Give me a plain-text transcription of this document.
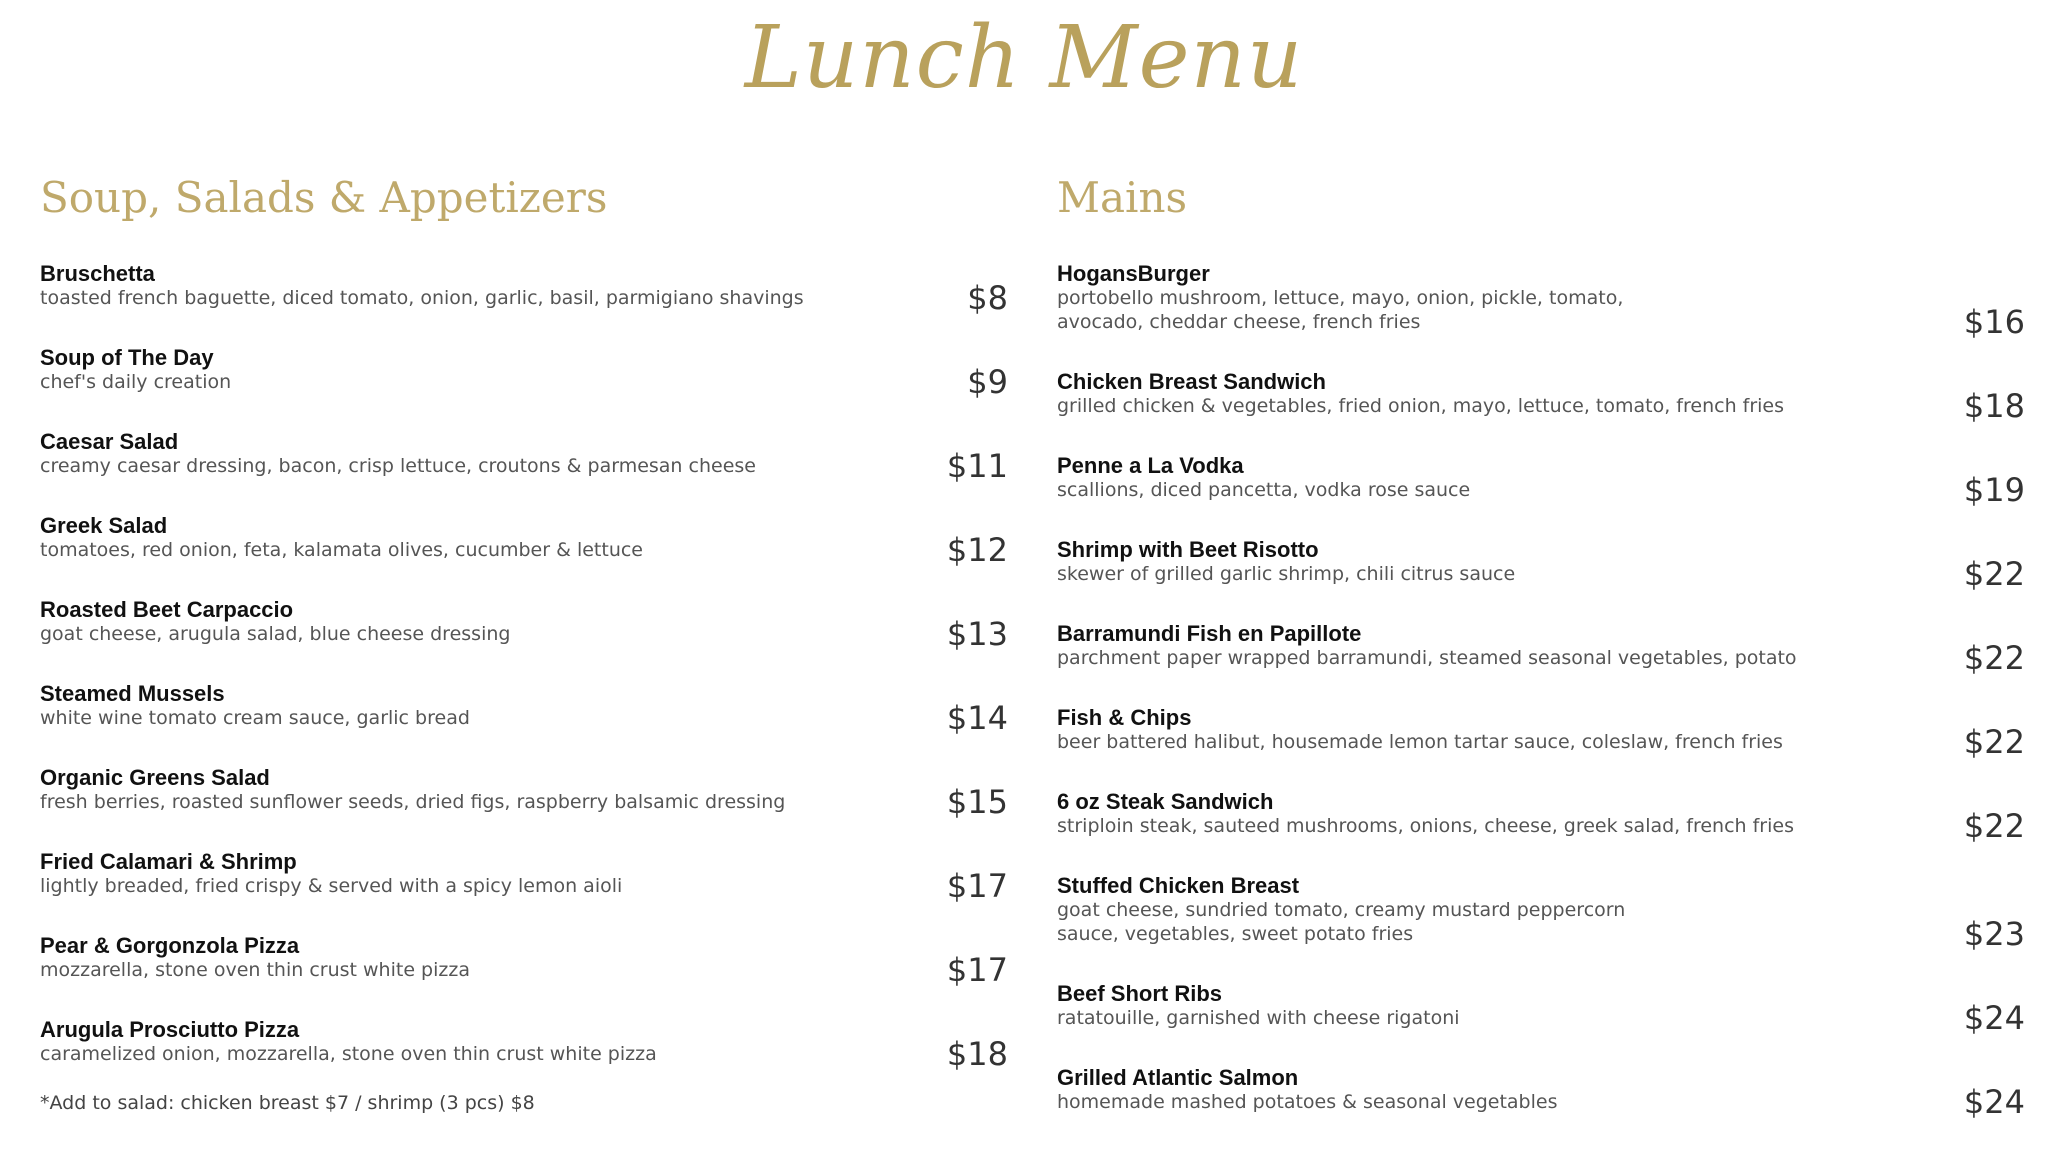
Lunch Menu
Soup, Salads & Appetizers
Bruschetta
toasted french baguette, diced tomato, onion, garlic, basil, parmigiano shavings	$8
Soup of The Day
chef's daily creation	$9
Caesar Salad
creamy caesar dressing, bacon, crisp lettuce, croutons & parmesan cheese	$11
Greek Salad
tomatoes, red onion, feta, kalamata olives, cucumber & lettuce	$12
Roasted Beet Carpaccio
goat cheese, arugula salad, blue cheese dressing	$13
Steamed Mussels
white wine tomato cream sauce, garlic bread	$14
Organic Greens Salad
fresh berries, roasted sunflower seeds, dried figs, raspberry balsamic dressing	$15
Fried Calamari & Shrimp
lightly breaded, fried crispy & served with a spicy lemon aioli	$17
Pear & Gorgonzola Pizza
mozzarella, stone oven thin crust white pizza	$17
Arugula Prosciutto Pizza
caramelized onion, mozzarella, stone oven thin crust white pizza	$18
*Add to salad: chicken breast $7 / shrimp (3 pcs) $8
Mains
HogansBurger
portobello mushroom, lettuce, mayo, onion, pickle, tomato, avocado, cheddar cheese, french fries	$16
Chicken Breast Sandwich
grilled chicken & vegetables, fried onion, mayo, lettuce, tomato, french fries	$18
Penne a La Vodka
scallions, diced pancetta, vodka rose sauce	$19
Shrimp with Beet Risotto
skewer of grilled garlic shrimp, chili citrus sauce	$22
Barramundi Fish en Papillote
parchment paper wrapped barramundi, steamed seasonal vegetables, potato	$22
Fish & Chips
beer battered halibut, housemade lemon tartar sauce, coleslaw, french fries	$22
6 oz Steak Sandwich
striploin steak, sauteed mushrooms, onions, cheese, greek salad, french fries	$22
Stuffed Chicken Breast
goat cheese, sundried tomato, creamy mustard peppercorn sauce, vegetables, sweet potato fries	$23
Beef Short Ribs
ratatouille, garnished with cheese rigatoni	$24
Grilled Atlantic Salmon
homemade mashed potatoes & seasonal vegetables	$24
